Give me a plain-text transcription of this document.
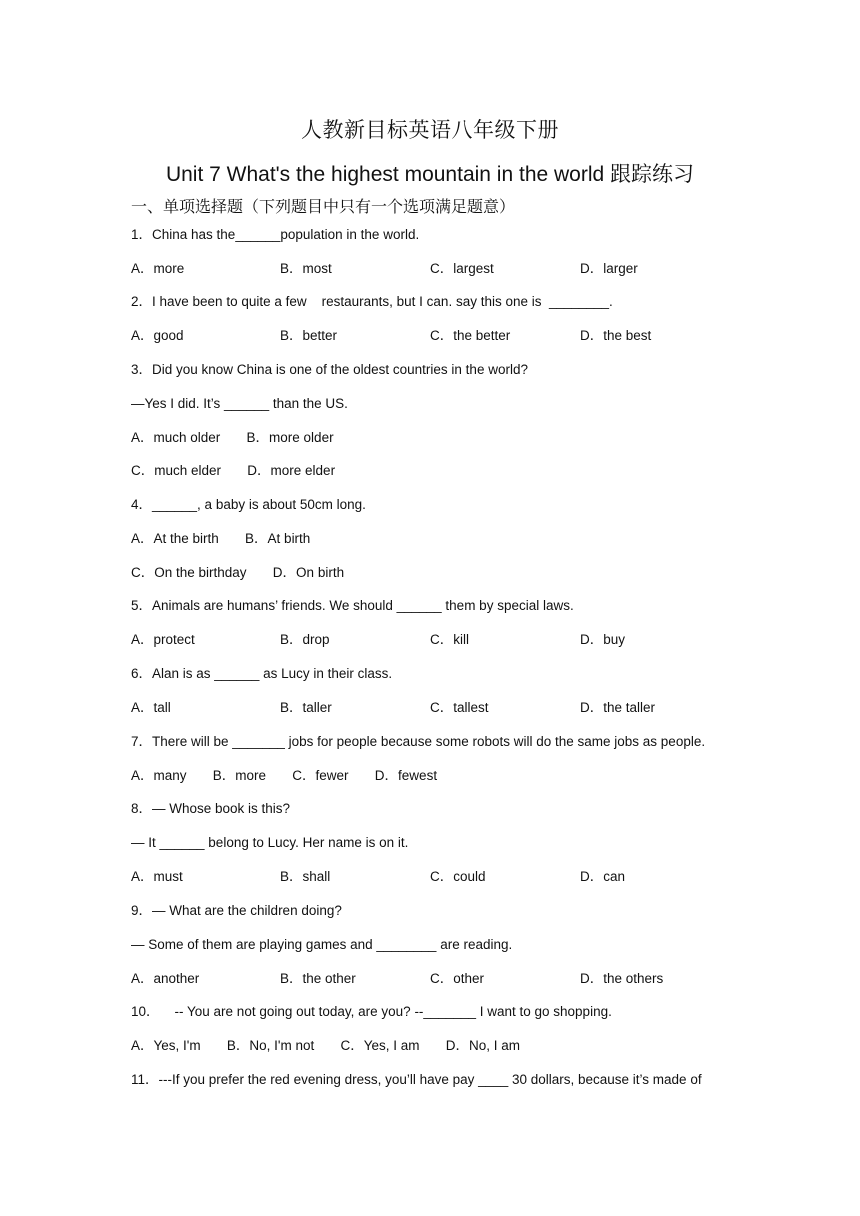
人教新目标英语八年级下册
Unit 7 What's the highest mountain in the world 跟踪练习
一、单项选择题（下列题目中只有一个选项满足题意）
1．China has the______population in the world.
A．more	B．most	C．largest	D．larger
2．I have been to quite a few    restaurants, but I can. say this one is  ________.
A．good	B．better	C．the better	D．the best
3．Did you know China is one of the oldest countries in the world?
—Yes I did. It’s ______ than the US.
A．much older       B．more older
C．much elder       D．more elder
4．______, a baby is about 50cm long.
A．At the birth       B．At birth
C．On the birthday       D．On birth
5．Animals are humans’ friends. We should ______ them by special laws.
A．protect	B．drop	C．kill	D．buy
6．Alan is as ______ as Lucy in their class.
A．tall	B．taller	C．tallest	D．the taller
7．There will be _______ jobs for people because some robots will do the same jobs as people.
A．many       B．more       C．fewer       D．fewest
8．— Whose book is this?
— It ______ belong to Lucy. Her name is on it.
A．must	B．shall	C．could	D．can
9．— What are the children doing?
— Some of them are playing games and ________ are reading.
A．another	B．the other	C．other	D．the others
10．    -- You are not going out today, are you? --_______ I want to go shopping.
A．Yes, I'm       B．No, I'm not       C．Yes, I am       D．No, I am
11．---If you prefer the red evening dress, you’ll have pay ____ 30 dollars, because it’s made of
